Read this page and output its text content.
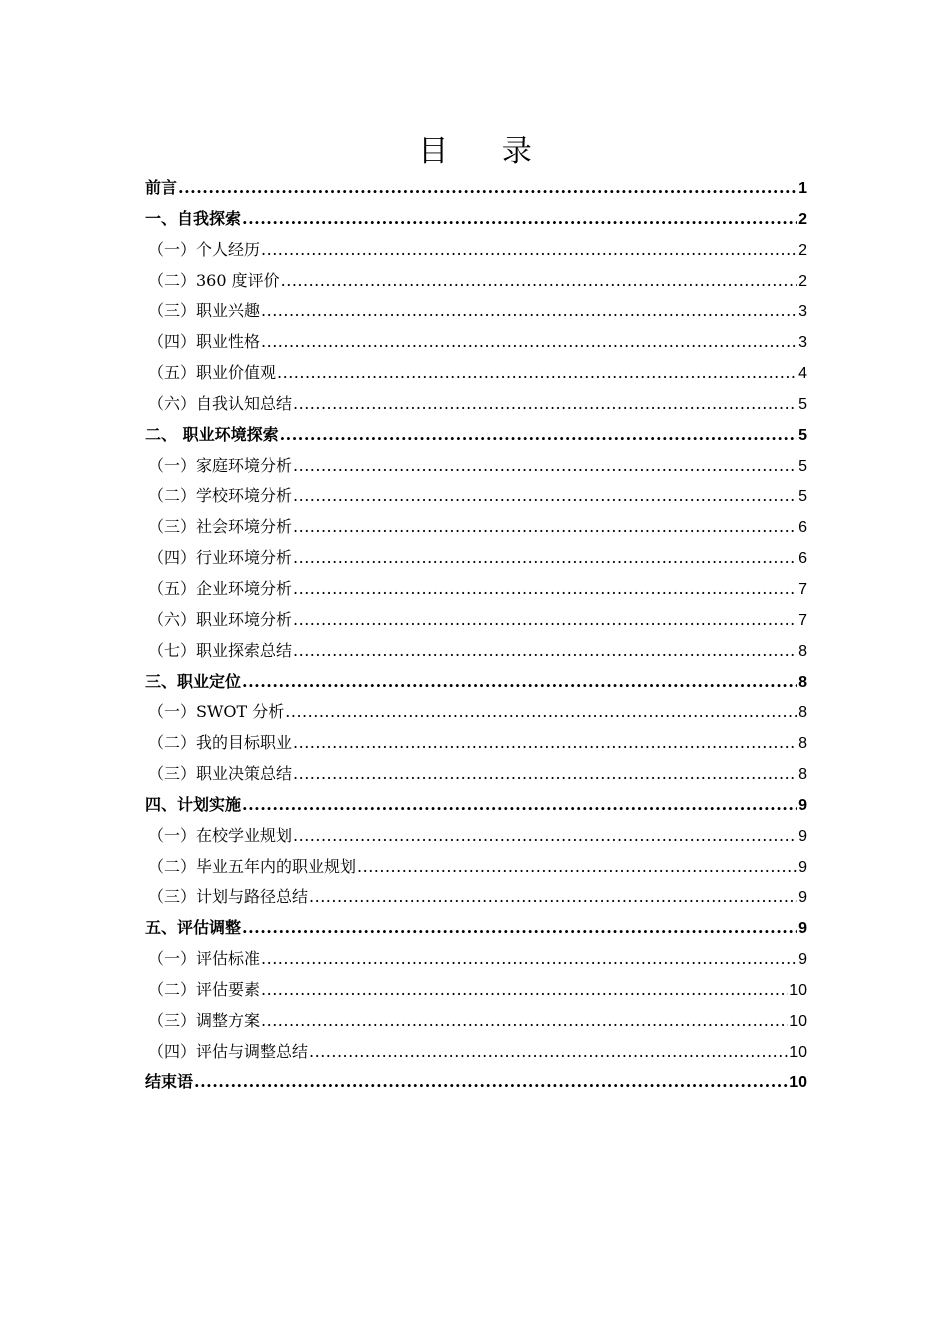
目 录
前言 .....	1
一、自我探索 .....	2
（一）个人经历 .....	2
（二）360 度评价 .....	2
（三）职业兴趣 .....	3
（四）职业性格 .....	3
（五）职业价值观 .....	4
（六）自我认知总结 .....	5
二、 职业环境探索 .....	5
（一）家庭环境分析 .....	5
（二）学校环境分析 .....	5
（三）社会环境分析 .....	6
（四）行业环境分析 .....	6
（五）企业环境分析 .....	7
（六）职业环境分析 .....	7
（七）职业探索总结 .....	8
三、职业定位 .....	8
（一）SWOT 分析 .....	8
（二）我的目标职业 .....	8
（三）职业决策总结 .....	8
四、计划实施 .....	9
（一）在校学业规划 .....	9
（二）毕业五年内的职业规划 .....	9
（三）计划与路径总结 .....	9
五、评估调整 .....	9
（一）评估标准 .....	9
（二）评估要素 .....	10
（三）调整方案 .....	10
（四）评估与调整总结 .....	10
结束语 .....	10
